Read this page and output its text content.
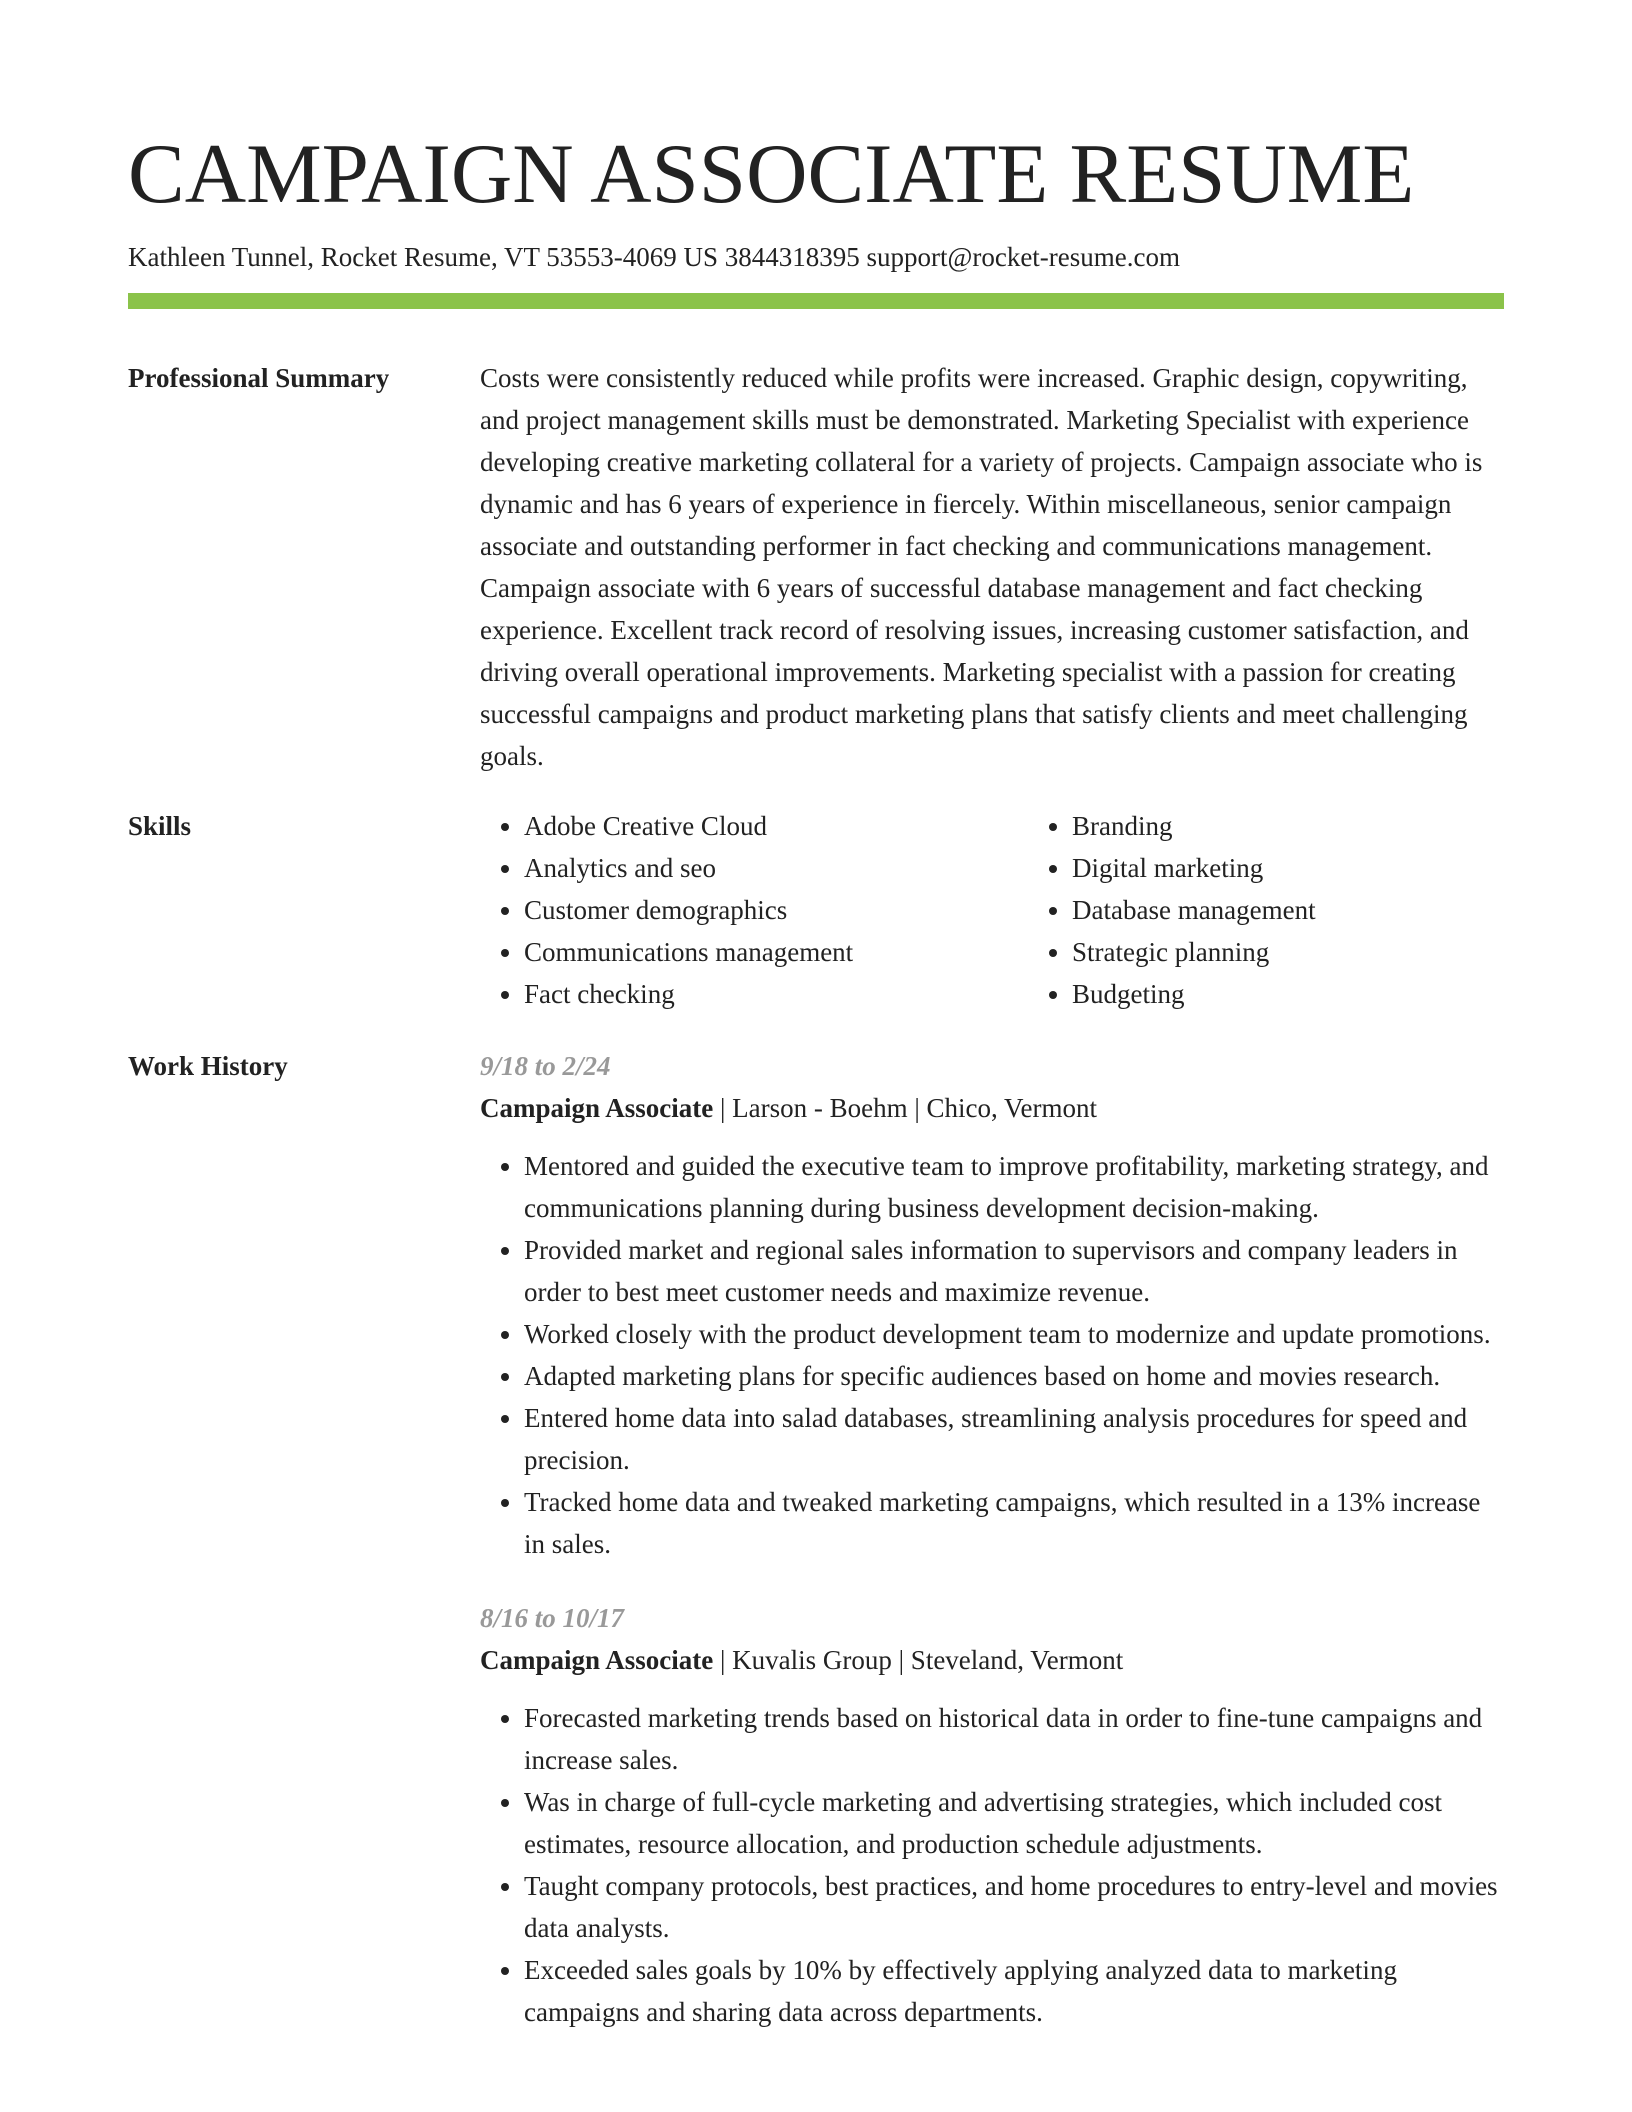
CAMPAIGN ASSOCIATE RESUME
Kathleen Tunnel, Rocket Resume, VT 53553-4069 US 3844318395 support@rocket-resume.com
Professional Summary	Costs were consistently reduced while profits were increased. Graphic design, copywriting, and project management skills must be demonstrated. Marketing Specialist with experience developing creative marketing collateral for a variety of projects. Campaign associate who is dynamic and has 6 years of experience in fiercely. Within miscellaneous, senior campaign associate and outstanding performer in fact checking and communications management. Campaign associate with 6 years of successful database management and fact checking experience. Excellent track record of resolving issues, increasing customer satisfaction, and driving overall operational improvements. Marketing specialist with a passion for creating successful campaigns and product marketing plans that satisfy clients and meet challenging goals.

Skills
•	Adobe Creative Cloud
• Analytics and seo
• Customer demographics
• Communications management
• Fact checking
• Branding
• Digital marketing
• Database management
• Strategic planning
• Budgeting
Work History	9/18 to 2/24
Campaign Associate | Larson - Boehm | Chico, Vermont
• Mentored and guided the executive team to improve profitability, marketing strategy, and communications planning during business development decision-making.
• Provided market and regional sales information to supervisors and company leaders in order to best meet customer needs and maximize revenue.
• Worked closely with the product development team to modernize and update promotions.
• Adapted marketing plans for specific audiences based on home and movies research.
• Entered home data into salad databases, streamlining analysis procedures for speed and precision.
• Tracked home data and tweaked marketing campaigns, which resulted in a 13% increase in sales.
8/16 to 10/17
Campaign Associate | Kuvalis Group | Steveland, Vermont
• Forecasted marketing trends based on historical data in order to fine-tune campaigns and increase sales.
• Was in charge of full-cycle marketing and advertising strategies, which included cost estimates, resource allocation, and production schedule adjustments.
• Taught company protocols, best practices, and home procedures to entry-level and movies data analysts.
• Exceeded sales goals by 10% by effectively applying analyzed data to marketing campaigns and sharing data across departments.
